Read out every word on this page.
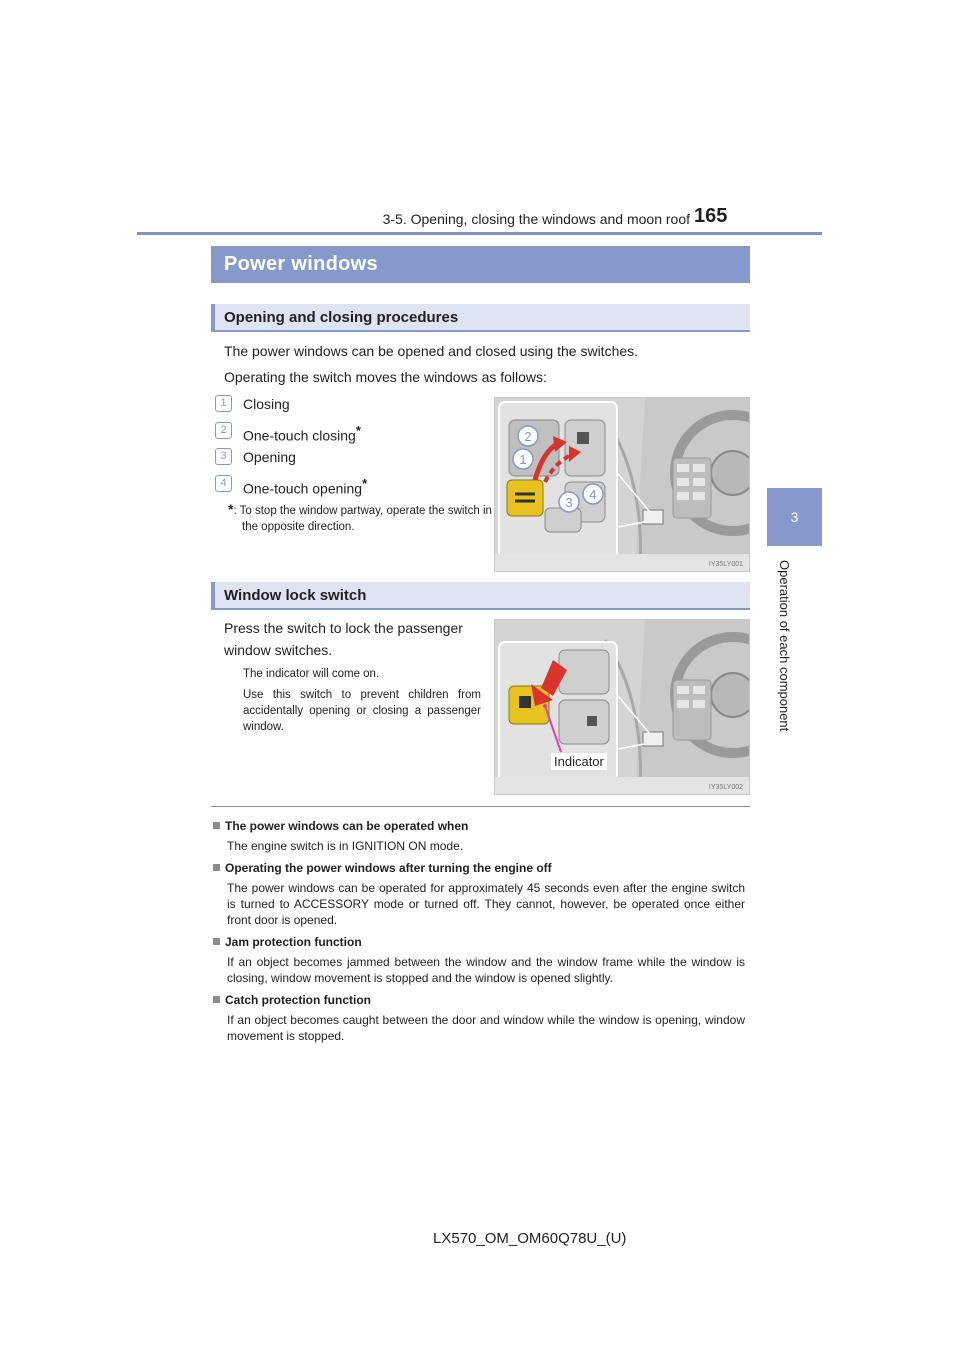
3-5. Opening, closing the windows and moon roof 165
3
Operation of each component
Power windows
Opening and closing procedures
The power windows can be opened and closed using the switches.
Operating the switch moves the windows as follows:
1	Closing
2	One-touch closing*
3	Opening
4	One-touch opening*
*: To stop the window partway, operate the switch in the opposite direction.
2
1
3
4
IY35LY001
Window lock switch
Press the switch to lock the passenger window switches.
The indicator will come on.
Use this switch to prevent children from accidentally opening or closing a passenger window.
IY35LY002
Indicator
The power windows can be operated when
The engine switch is in IGNITION ON mode.
Operating the power windows after turning the engine off
The power windows can be operated for approximately 45 seconds even after the engine switch is turned to ACCESSORY mode or turned off. They cannot, however, be operated once either front door is opened.
Jam protection function
If an object becomes jammed between the window and the window frame while the window is closing, window movement is stopped and the window is opened slightly.
Catch protection function
If an object becomes caught between the door and window while the window is opening, window movement is stopped.
LX570_OM_OM60Q78U_(U)
